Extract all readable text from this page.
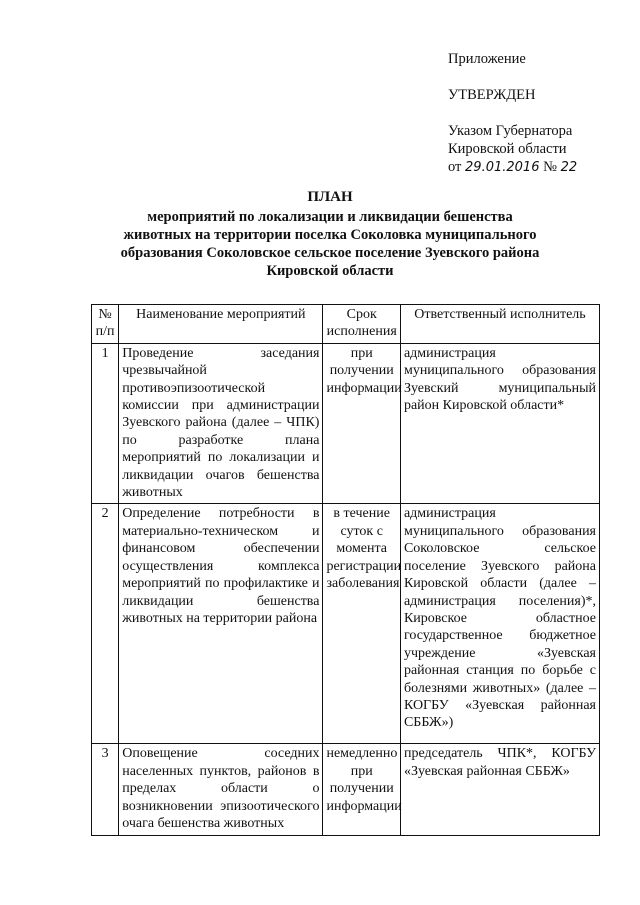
Приложение
УТВЕРЖДЕН
Указом Губернатора
Кировской области
от 29.01.2016 № 22
ПЛАН
мероприятий по локализации и ликвидации бешенства
животных на территории поселка Соколовка муниципального
образования Соколовское сельское поселение Зуевского района
Кировской области
№ п/п	Наименование мероприятий	Срок исполнения	Ответственный исполнитель
1	Проведение заседания чрезвычайной противоэпизоотической комиссии при администрации Зуевского района (далее – ЧПК) по разработке плана мероприятий по локализации и ликвидации очагов бешенства животных	при получении информации	администрация муниципального образования Зуевский муниципальный район Кировской области*
2	Определение потребности в материально-техническом и финансовом обеспечении осуществления комплекса мероприятий по профилактике и ликвидации бешенства животных на территории района	в течение суток с момента регистрации заболевания	администрация муниципального образования Соколовское сельское поселение Зуевского района Кировской области (далее – администрация поселения)*, Кировское областное государственное бюджетное учреждение «Зуевская районная станция по борьбе с болезнями животных» (далее – КОГБУ «Зуевская районная СББЖ»)
3	Оповещение соседних населенных пунктов, районов в пределах области о возникновении эпизоотического очага бешенства животных	немедленно при получении информации	председатель ЧПК*, КОГБУ «Зуевская районная СББЖ»
